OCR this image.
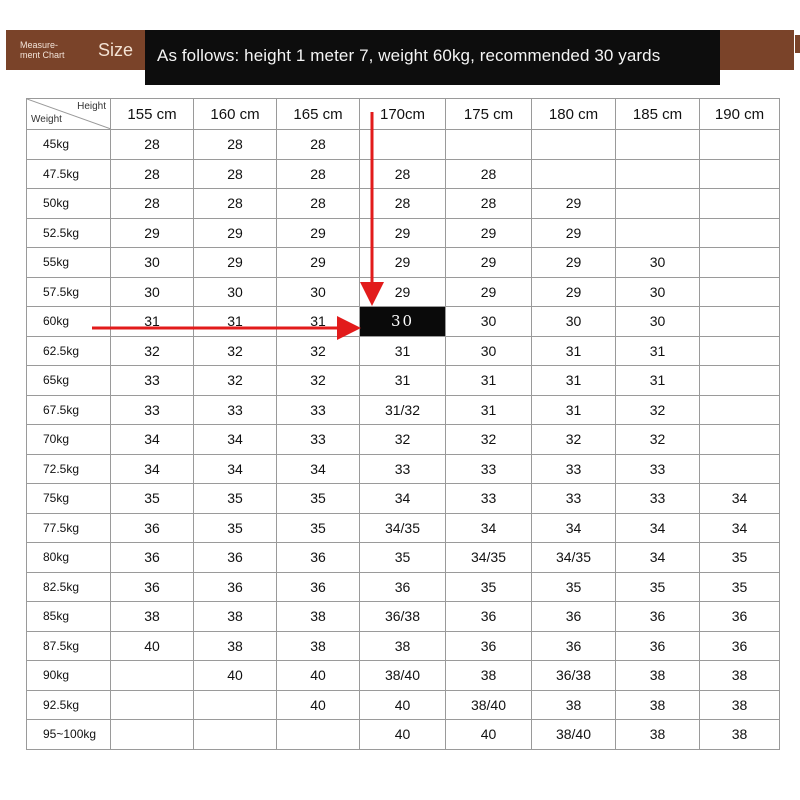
Measure-
ment Chart	Size As follows: height 1 meter 7, weight 60kg, recommended 30 yards
Height
Weight	155 cm	160 cm	165 cm	170cm	175 cm	180 cm	185 cm	190 cm
45kg	28	28	28					
47.5kg	28	28	28	28	28			
50kg	28	28	28	28	28	29		
52.5kg	29	29	29	29	29	29		
55kg	30	29	29	29	29	29	30	
57.5kg	30	30	30	29	29	29	30	
60kg	31	31	31	30	30	30	30	
62.5kg	32	32	32	31	30	31	31	
65kg	33	32	32	31	31	31	31	
67.5kg	33	33	33	31/32	31	31	32	
70kg	34	34	33	32	32	32	32	
72.5kg	34	34	34	33	33	33	33	
75kg	35	35	35	34	33	33	33	34
77.5kg	36	35	35	34/35	34	34	34	34
80kg	36	36	36	35	34/35	34/35	34	35
82.5kg	36	36	36	36	35	35	35	35
85kg	38	38	38	36/38	36	36	36	36
87.5kg	40	38	38	38	36	36	36	36
90kg		40	40	38/40	38	36/38	38	38
92.5kg			40	40	38/40	38	38	38
95~100kg				40	40	38/40	38	38
